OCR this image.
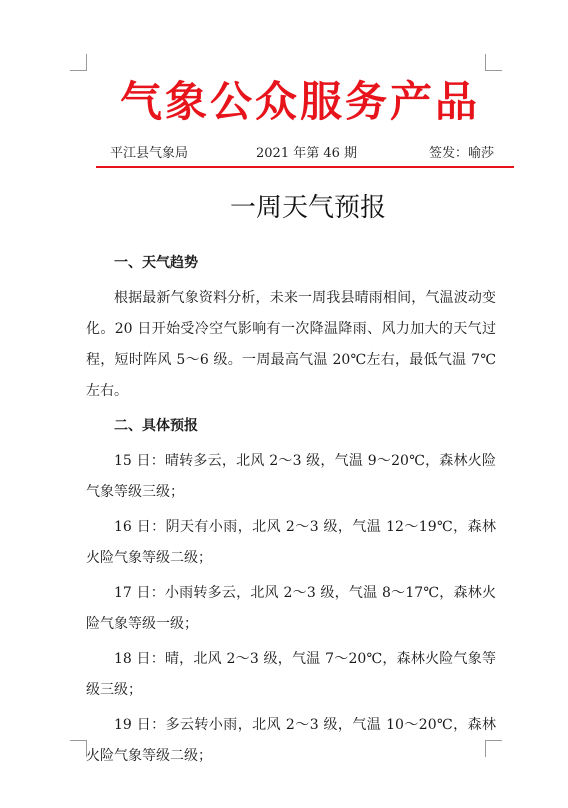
气象公众服务产品
平江县气象局	2021 年第 46 期	签发：喻莎
一周天气预报

一、天气趋势

根据最新气象资料分析，未来一周我县晴雨相间，气温波动变化。20 日开始受冷空气影响有一次降温降雨、风力加大的天气过程，短时阵风 5～6 级。一周最高气温 20℃左右，最低气温 7℃左右。

二、具体预报

15 日：晴转多云，北风 2～3 级，气温 9～20℃，森林火险气象等级三级；

16 日：阴天有小雨，北风 2～3 级，气温 12～19℃，森林火险气象等级二级；

17 日：小雨转多云，北风 2～3 级，气温 8～17℃，森林火险气象等级一级；

18 日：晴，北风 2～3 级，气温 7～20℃，森林火险气象等级三级；

19 日：多云转小雨，北风 2～3 级，气温 10～20℃，森林火险气象等级二级；
